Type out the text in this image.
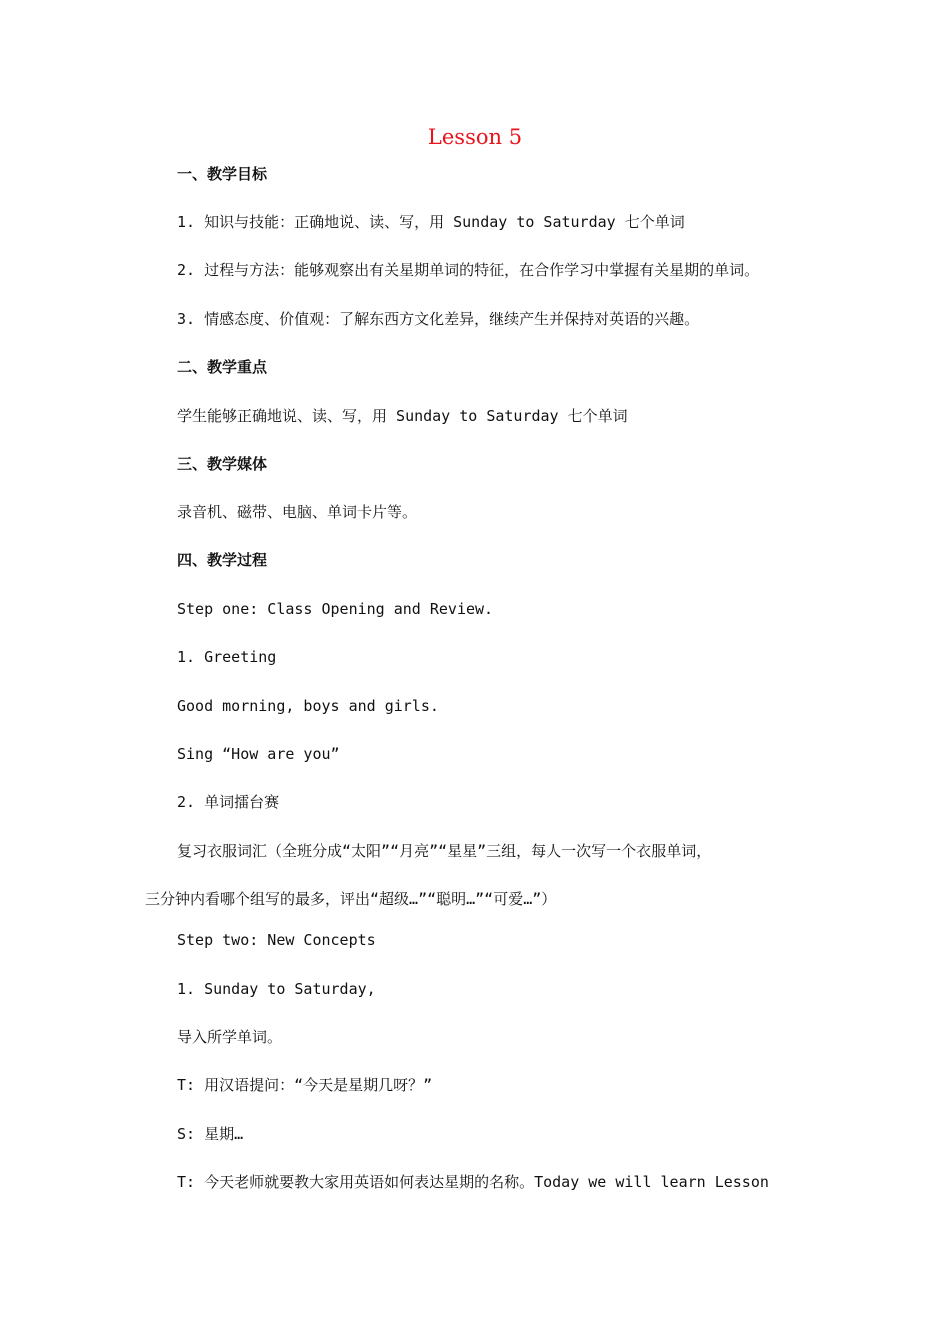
Lesson 5
一、教学目标
1. 知识与技能：正确地说、读、写，用 Sunday to Saturday 七个单词
2. 过程与方法：能够观察出有关星期单词的特征，在合作学习中掌握有关星期的单词。
3. 情感态度、价值观：了解东西方文化差异，继续产生并保持对英语的兴趣。
二、教学重点
学生能够正确地说、读、写，用 Sunday to Saturday 七个单词
三、教学媒体
录音机、磁带、电脑、单词卡片等。
四、教学过程
Step one: Class Opening and Review.
1. Greeting
Good morning, boys and girls.
Sing “How are you”
2. 单词擂台赛
复习衣服词汇（全班分成“太阳”“月亮”“星星”三组，每人一次写一个衣服单词，
三分钟内看哪个组写的最多，评出“超级…”“聪明…”“可爱…”）
Step two: New Concepts
1. Sunday to Saturday,
导入所学单词。
T: 用汉语提问：“今天是星期几呀？”
S: 星期…
T: 今天老师就要教大家用英语如何表达星期的名称。Today we will learn Lesson
